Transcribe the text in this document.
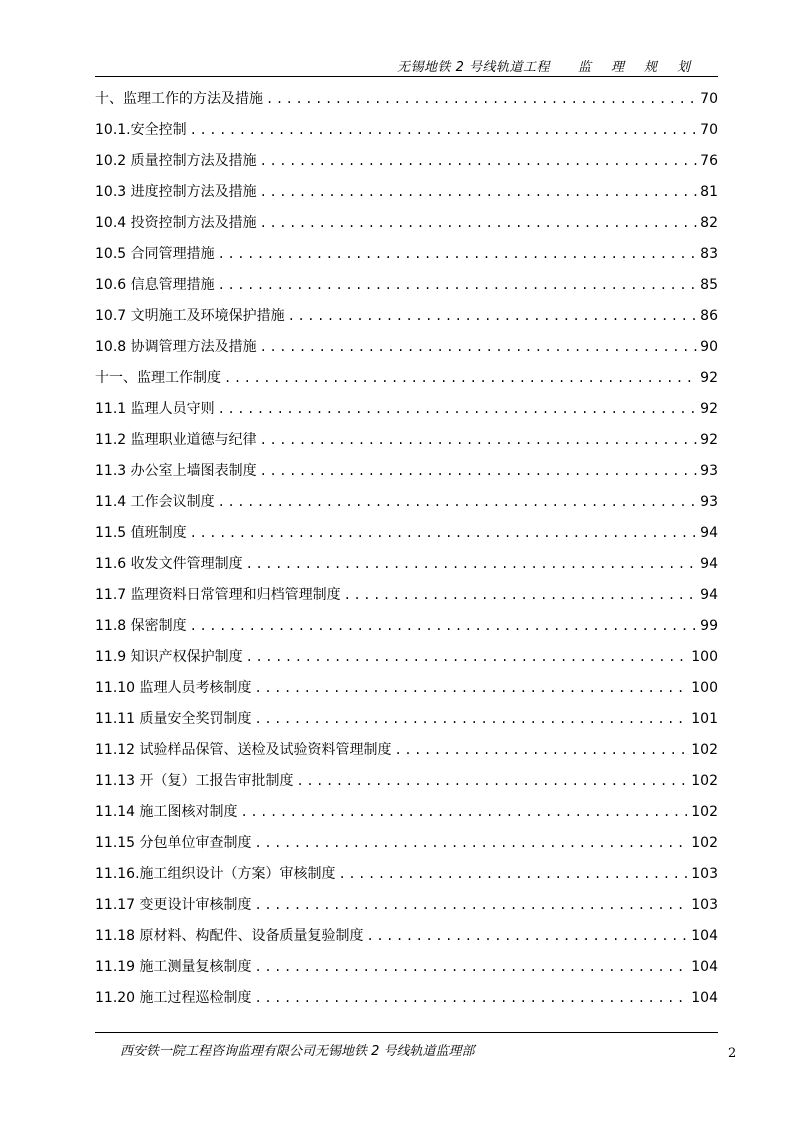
无锡地铁 2 号线轨道工程 监理规划
十、监理工作的方法及措施 .....	70
10.1.安全控制 .....	70
10.2 质量控制方法及措施 .....	76
10.3 进度控制方法及措施 .....	81
10.4 投资控制方法及措施 .....	82
10.5 合同管理措施 .....	83
10.6 信息管理措施 .....	85
10.7 文明施工及环境保护措施 .....	86
10.8 协调管理方法及措施 .....	90
十一、监理工作制度 .....	92
11.1 监理人员守则 .....	92
11.2 监理职业道德与纪律 .....	92
11.3 办公室上墙图表制度 .....	93
11.4 工作会议制度 .....	93
11.5 值班制度 .....	94
11.6 收发文件管理制度 .....	94
11.7 监理资料日常管理和归档管理制度 .....	94
11.8 保密制度 .....	99
11.9 知识产权保护制度 .....	100
11.10 监理人员考核制度 .....	100
11.11 质量安全奖罚制度 .....	101
11.12 试验样品保管、送检及试验资料管理制度 .....	102
11.13 开（复）工报告审批制度 .....	102
11.14 施工图核对制度 .....	102
11.15 分包单位审查制度 .....	102
11.16.施工组织设计（方案）审核制度 .....	103
11.17 变更设计审核制度 .....	103
11.18 原材料、构配件、设备质量复验制度 .....	104
11.19 施工测量复核制度 .....	104
11.20 施工过程巡检制度 .....	104
西安铁一院工程咨询监理有限公司无锡地铁 2 号线轨道监理部	2
